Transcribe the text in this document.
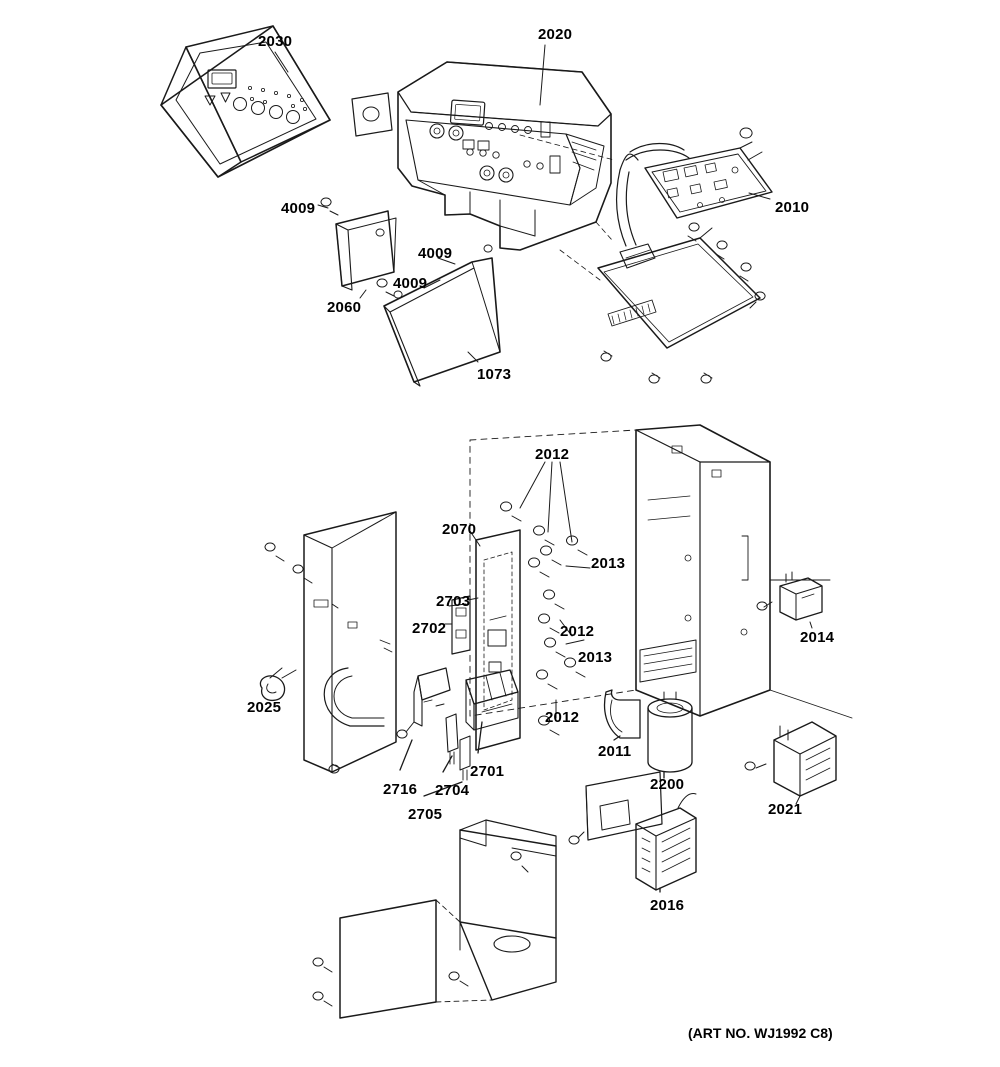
2030	2020
2010
4009
4009
4009
2060
1073
2012
2070
2013
2703
2702	2012	2014
2013
2025
2012
2011
2200
2701
2716 2704
2021
2705
2016
(ART NO. WJ1992 C8)
